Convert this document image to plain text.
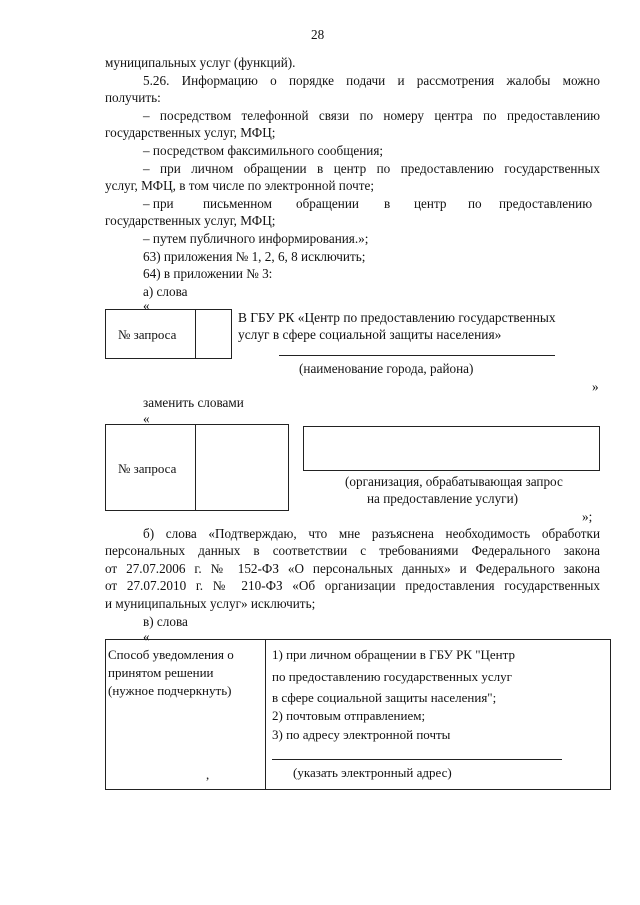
28
муниципальных услуг (функций).
5.26. Информацию о порядке подачи и рассмотрения жалобы можно
получить:
– посредством телефонной связи по номеру центра по предоставлению
государственных услуг, МФЦ;
– посредством факсимильного сообщения;
– при личном обращении в центр по предоставлению государственных
услуг, МФЦ, в том числе по электронной почте;
– при письменном обращении в центр по предоставлению
государственных услуг, МФЦ;
– путем публичного информирования.»;
63) приложения № 1, 2, 6, 8 исключить;
64) в приложении № 3:
а) слова
«
№ запроса
В ГБУ РК «Центр по предоставлению государственных
услуг в сфере социальной защиты населения»
(наименование города, района)
»
заменить словами
«
№ запроса
(организация, обрабатывающая запрос
на предоставление услуги)
»;
б) слова «Подтверждаю, что мне разъяснена необходимость обработки
персональных данных в соответствии с требованиями Федерального закона
от 27.07.2006 г. № 152-ФЗ «О персональных данных» и Федерального закона
от 27.07.2010 г. № 210-ФЗ «Об организации предоставления государственных
и муниципальных услуг» исключить;
в) слова
«
Способ уведомления о
принятом решении
(нужное подчеркнуть)
,
1) при личном обращении в ГБУ РК "Центр
по предоставлению государственных услуг
в сфере социальной защиты населения";
2) почтовым отправлением;
3) по адресу электронной почты
(указать электронный адрес)
